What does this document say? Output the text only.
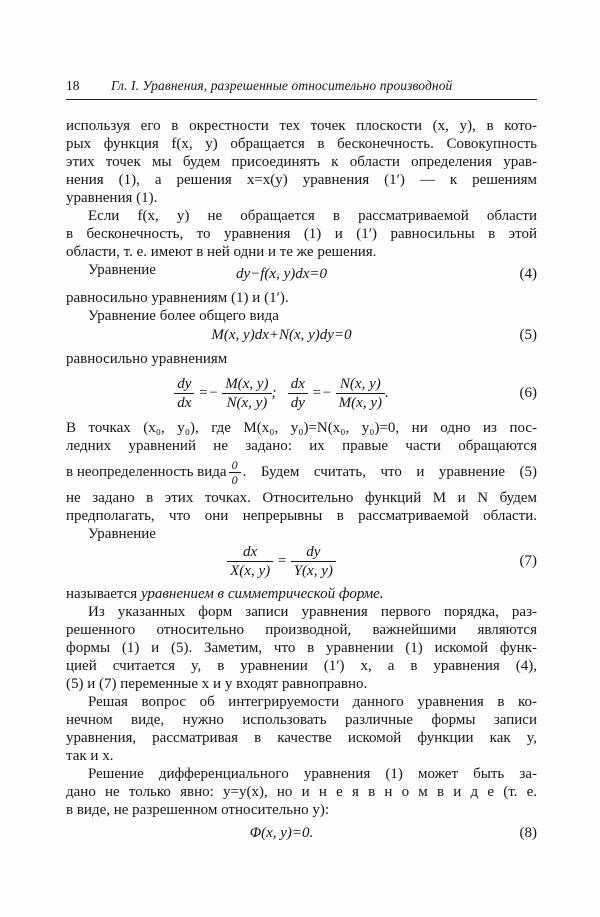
18 Гл. I. Уравнения, разрешенные относительно производной
используя его в окрестности тех точек плоскости (x, y), в кото-
рых функция f(x, y) обращается в бесконечность. Совокупность
этих точек мы будем присоединять к области определения урав-
нения (1), а решения x=x(y) уравнения (1′) — к решениям
уравнения (1).
Если f(x, y) не обращается в рассматриваемой области
в бесконечность, то уравнения (1) и (1′) равносильны в этой
области, т. е. имеют в ней одни и те же решения.
Уравнение	dy−f(x, y)dx=0	(4)
равносильно уравнениям (1) и (1′).
Уравнение более общего вида
M(x, y)dx+N(x, y)dy=0	(5)
равносильно уравнениям
$\frac{dy}{dx} =- \frac{M(x, y)}{N(x, y)}$ ; $\frac{dx}{dy} =- \frac{N(x, y)}{M(x, y)}$ .	(6)
В точках (x₀, y₀), где M(x₀, y₀)=N(x₀, y₀)=0, ни одно из пос-
ледних уравнений не задано: их правые части обращаются
в неопределенность вида $\frac{0}{0}$ . Будем считать, что и уравнение (5)
не задано в этих точках. Относительно функций M и N будем
предполагать, что они непрерывны в рассматриваемой области.
Уравнение
$\frac{dx}{X(x, y)} = \frac{dy}{Y(x, y)}$	(7)
называется уравнением в симметрической форме.
Из указанных форм записи уравнения первого порядка, раз-
решенного относительно производной, важнейшими являются
формы (1) и (5). Заметим, что в уравнении (1) искомой функ-
цией считается y, в уравнении (1′) x, а в уравнения (4),
(5) и (7) переменные x и y входят равноправно.
Решая вопрос об интегрируемости данного уравнения в ко-
нечном виде, нужно использовать различные формы записи
уравнения, рассматривая в качестве искомой функции как y,
так и x.
Решение дифференциального уравнения (1) может быть за-
дано не только явно: y=y(x), но и н е я в н о м в и д е (т. е.
в виде, не разрешенном относительно y):
Φ(x, y)=0.	(8)
